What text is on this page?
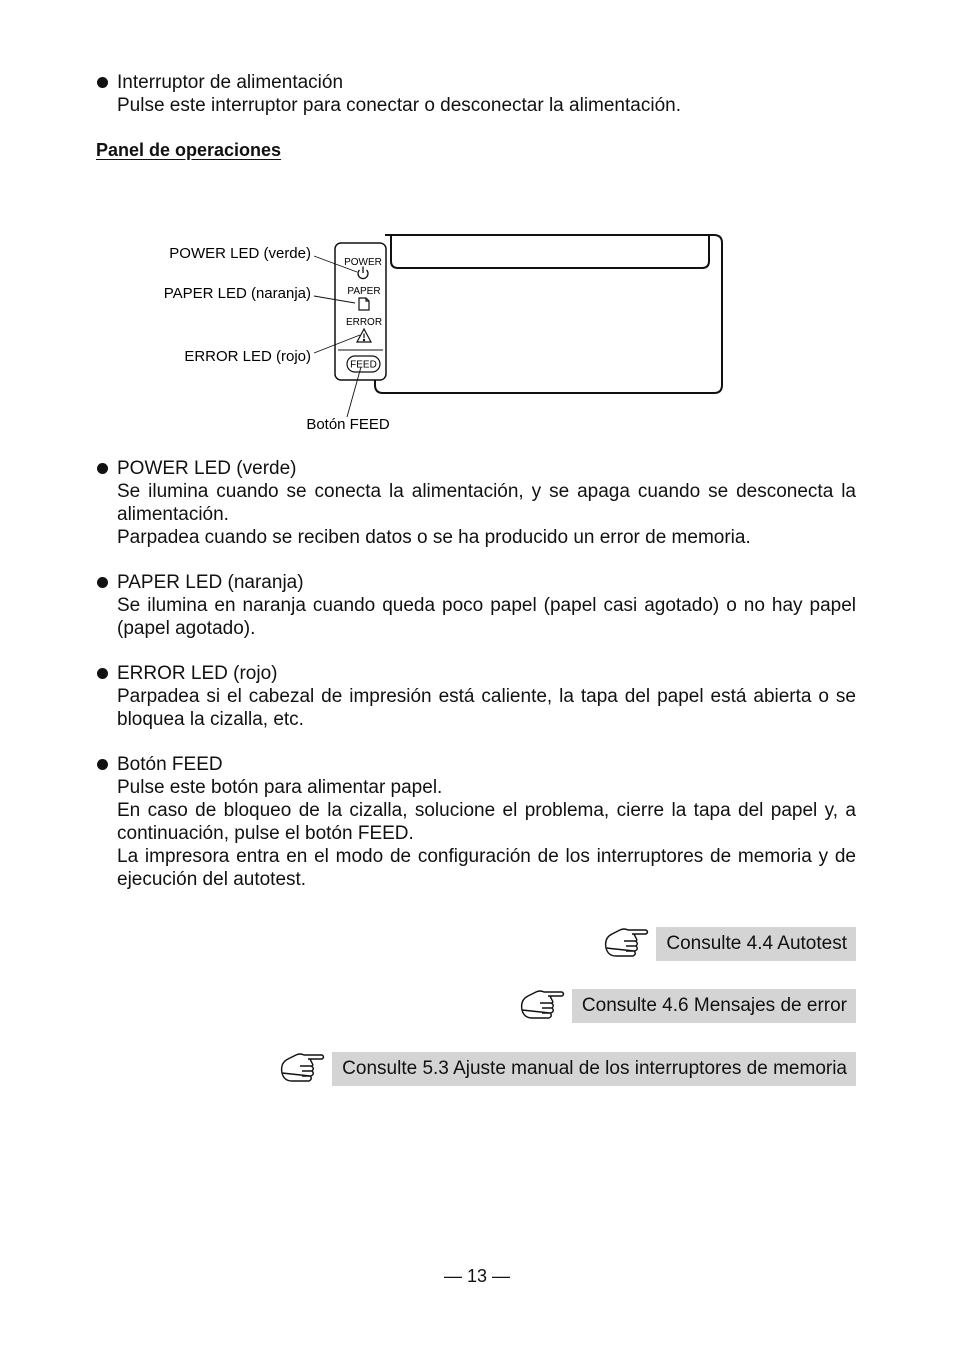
Interruptor de alimentación

Pulse este interruptor para conectar o desconectar la alimentación.

Panel de operaciones
POWER
PAPER
ERROR
FEED
POWER LED (verde)
PAPER LED (naranja)
ERROR LED (rojo)
Botón FEED
POWER LED (verde)

Se ilumina cuando se conecta la alimentación, y se apaga cuando se desconecta la alimentación.

Parpadea cuando se reciben datos o se ha producido un error de memoria.

PAPER LED (naranja)

Se ilumina en naranja cuando queda poco papel (papel casi agotado) o no hay papel (papel agotado).

ERROR LED (rojo)

Parpadea si el cabezal de impresión está caliente, la tapa del papel está abierta o se bloquea la cizalla, etc.

Botón FEED

Pulse este botón para alimentar papel.

En caso de bloqueo de la cizalla, solucione el problema, cierre la tapa del papel y, a continuación, pulse el botón FEED.

La impresora entra en el modo de configuración de los interruptores de memoria y de ejecución del autotest.

Consulte 4.4 Autotest
Consulte 4.6 Mensajes de error
Consulte 5.3 Ajuste manual de los interruptores de memoria
— 13 —
